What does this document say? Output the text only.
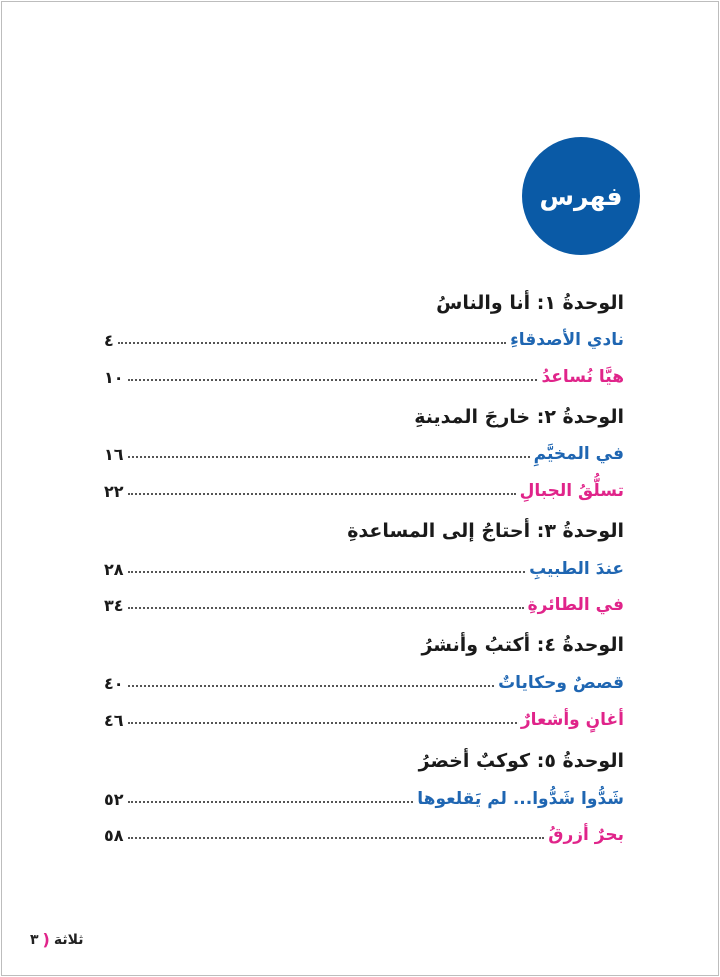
فهرس
الوحدةُ ١: أنا والناسُ
نادي الأصدقاءِ
٤
هيَّا نُساعدُ
١٠
الوحدةُ ٢: خارجَ المدينةِ
في المخيَّمِ
١٦
تسلُّقُ الجبالِ
٢٢
الوحدةُ ٣: أحتاجُ إلى المساعدةِ
عندَ الطبيبِ
٢٨
في الطائرةِ
٣٤
الوحدةُ ٤: أكتبُ وأنشرُ
قصصٌ وحكاياتٌ
٤٠
أغانٍ وأشعارٌ
٤٦
الوحدةُ ٥: كوكبٌ أخضرُ
شَدُّوا شَدُّوا... لم يَقلعوها
٥٢
بحرٌ أزرقُ
٥٨
٣ ) ثلاثة
